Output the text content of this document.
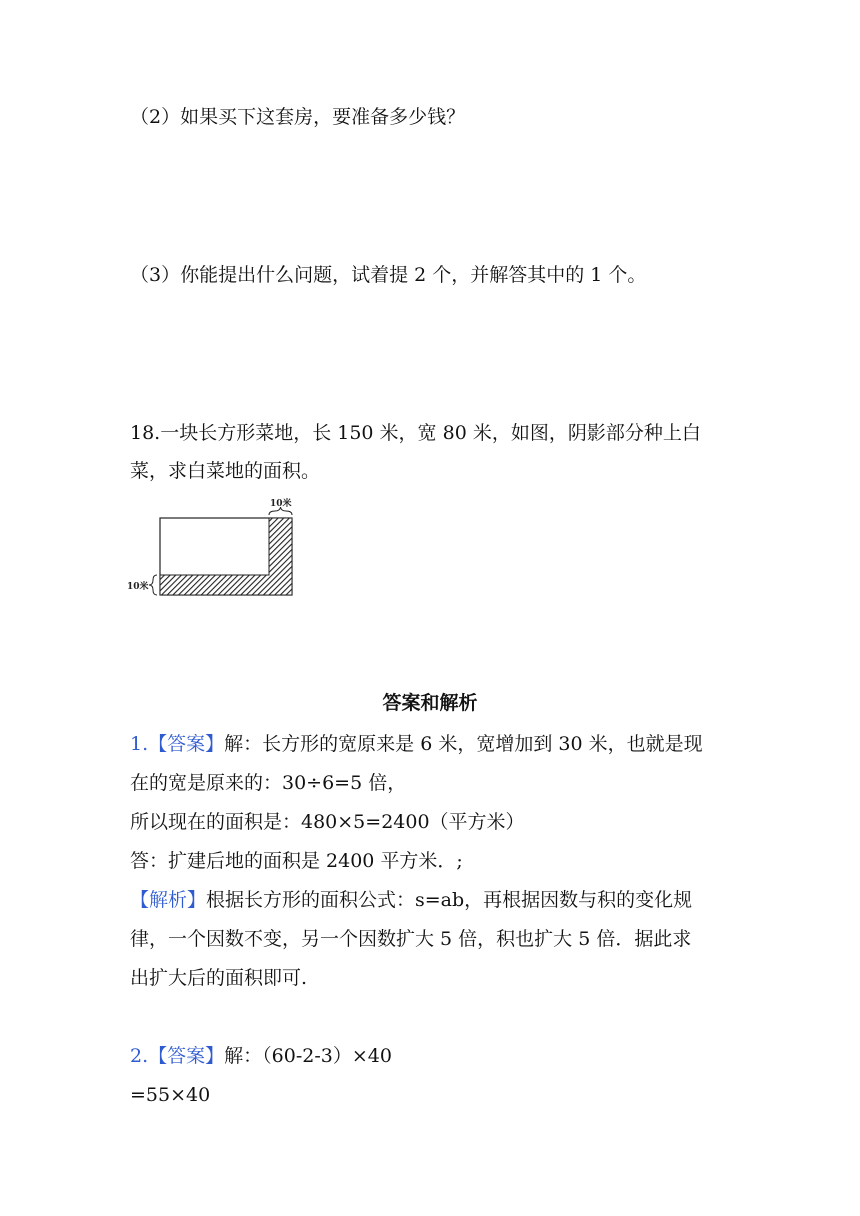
（2）如果买下这套房，要准备多少钱？
（3）你能提出什么问题，试着提 2 个，并解答其中的 1 个。
18.一块长方形菜地，长 150 米，宽 80 米，如图，阴影部分种上白
菜，求白菜地的面积。
10米
10米
答案和解析
1.【答案】解：长方形的宽原来是 6 米，宽增加到 30 米，也就是现
在的宽是原来的：30÷6=5 倍，
所以现在的面积是：480×5=2400（平方米）
答：扩建后地的面积是 2400 平方米．;
【解析】根据长方形的面积公式：s=ab，再根据因数与积的变化规
律，一个因数不变，另一个因数扩大 5 倍，积也扩大 5 倍．据此求
出扩大后的面积即可.
2.【答案】解：（60-2-3）×40
=55×40
